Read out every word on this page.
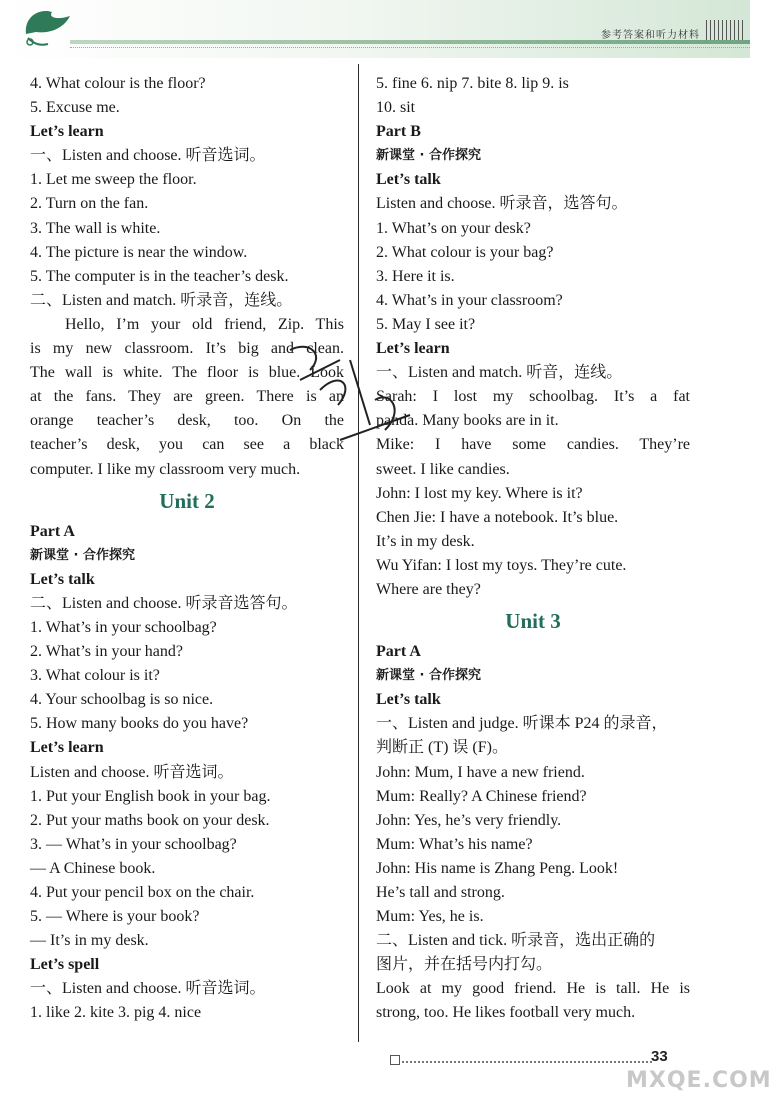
参考答案和听力材料
4. What colour is the floor?
5. Excuse me.
Let’s learn
一、Listen and choose. 听音选词。
1. Let me sweep the floor.
2. Turn on the fan.
3. The wall is white.
4. The picture is near the window.
5. The computer is in the teacher’s desk.
二、Listen and match. 听录音，连线。
Hello, I’m your old friend, Zip. This
is my new classroom. It’s big and clean.
The wall is white. The floor is blue. Look
at the fans. They are green. There is an
orange teacher’s desk, too. On the
teacher’s desk, you can see a black
computer. I like my classroom very much.
Unit 2
Part A
新课堂 · 合作探究
Let’s talk
二、Listen and choose. 听录音选答句。
1. What’s in your schoolbag?
2. What’s in your hand?
3. What colour is it?
4. Your schoolbag is so nice.
5. How many books do you have?
Let’s learn
Listen and choose. 听音选词。
1. Put your English book in your bag.
2. Put your maths book on your desk.
3. — What’s in your schoolbag?
— A Chinese book.
4. Put your pencil box on the chair.
5. — Where is your book?
— It’s in my desk.
Let’s spell
一、Listen and choose. 听音选词。
1. like 2. kite 3. pig 4. nice
5. fine 6. nip 7. bite 8. lip 9. is
10. sit
Part B
新课堂 · 合作探究
Let’s talk
Listen and choose. 听录音，选答句。
1. What’s on your desk?
2. What colour is your bag?
3. Here it is.
4. What’s in your classroom?
5. May I see it?
Let’s learn
一、Listen and match. 听音，连线。
Sarah: I lost my schoolbag. It’s a fat
panda. Many books are in it.
Mike: I have some candies. They’re
sweet. I like candies.
John: I lost my key. Where is it?
Chen Jie: I have a notebook. It’s blue.
It’s in my desk.
Wu Yifan: I lost my toys. They’re cute.
Where are they?
Unit 3
Part A
新课堂 · 合作探究
Let’s talk
一、Listen and judge. 听课本 P24 的录音，
判断正 (T) 误 (F)。
John: Mum, I have a new friend.
Mum: Really? A Chinese friend?
John: Yes, he’s very friendly.
Mum: What’s his name?
John: His name is Zhang Peng. Look!
He’s tall and strong.
Mum: Yes, he is.
二、Listen and tick. 听录音，选出正确的
图片，并在括号内打勾。
Look at my good friend. He is tall. He is
strong, too. He likes football very much.
33
MXQE.COM
